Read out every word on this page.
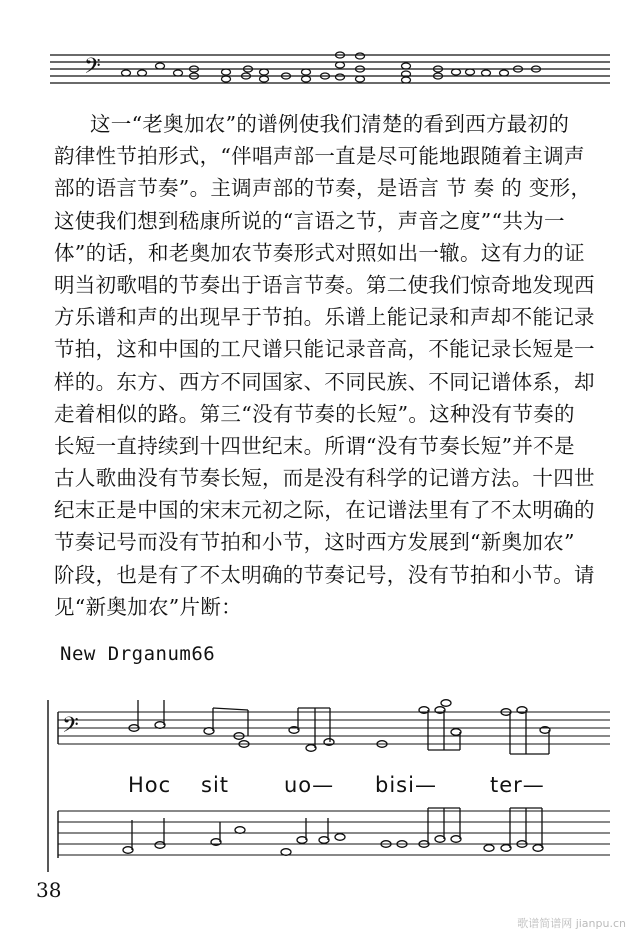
𝄢
这一“老奥加农”的谱例使我们清楚的看到西方最初的
韵律性节拍形式，“伴唱声部一直是尽可能地跟随着主调声
部的语言节奏”。主调声部的节奏，是语言 节 奏 的 变形，
这使我们想到嵇康所说的“言语之节，声音之度”“共为一
体”的话，和老奥加农节奏形式对照如出一辙。这有力的证
明当初歌唱的节奏出于语言节奏。第二使我们惊奇地发现西
方乐谱和声的出现早于节拍。乐谱上能记录和声却不能记录
节拍，这和中国的工尺谱只能记录音高，不能记录长短是一
样的。东方、西方不同国家、不同民族、不同记谱体系，却
走着相似的路。第三“没有节奏的长短”。这种没有节奏的
长短一直持续到十四世纪末。所谓“没有节奏长短”并不是
古人歌曲没有节奏长短，而是没有科学的记谱方法。十四世
纪末正是中国的宋末元初之际，在记谱法里有了不太明确的
节奏记号而没有节拍和小节，这时西方发展到“新奥加农”
阶段，也是有了不太明确的节奏记号，没有节拍和小节。请
见“新奥加农”片断：
New Drganum66
𝄢
Hoc sit	uo— bisi—	ter—
38
歌谱简谱网 jianpu.cn
